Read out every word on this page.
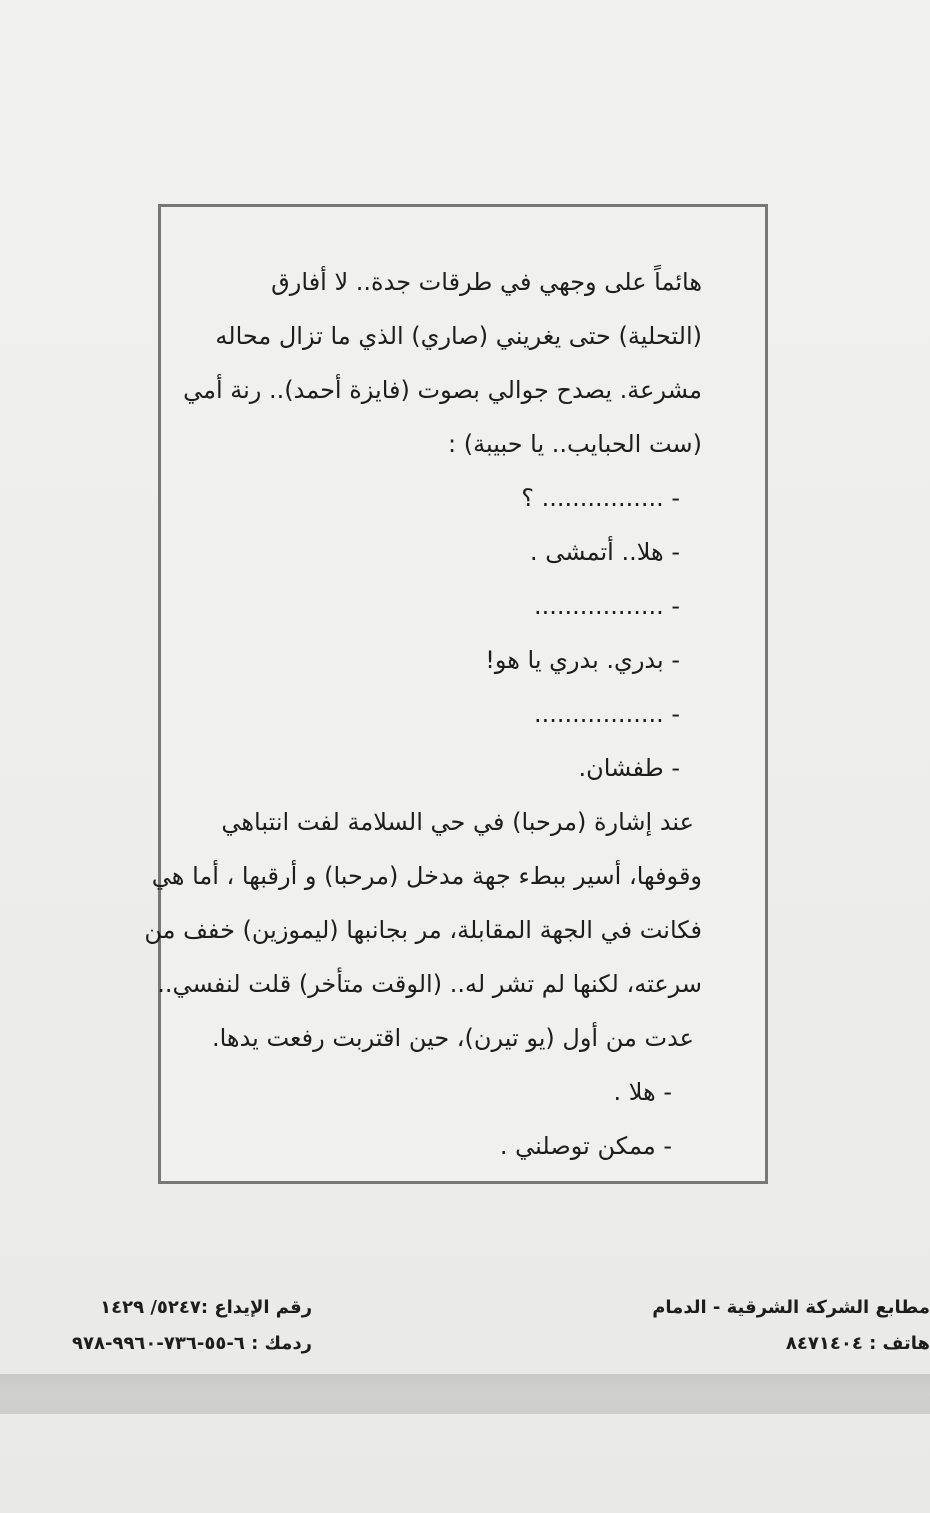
هائماً على وجهي في طرقات جدة.. لا أفارق
(التحلية) حتى يغريني (صاري) الذي ما تزال محاله
مشرعة. يصدح جوالي بصوت (فايزة أحمد).. رنة أمي
(ست الحبايب.. يا حبيبة) :
- ................ ؟
- هلا.. أتمشى .
- .................
- بدري. بدري يا هو!
- .................
- طفشان.
عند إشارة (مرحبا) في حي السلامة لفت انتباهي
وقوفها، أسير ببطء جهة مدخل (مرحبا) و أرقبها ، أما هي
فكانت في الجهة المقابلة، مر بجانبها (ليموزين) خفف من
سرعته، لكنها لم تشر له.. (الوقت متأخر) قلت لنفسي..
عدت من أول (يو تيرن)، حين اقتربت رفعت يدها.
- هلا .
- ممكن توصلني .
مطابع الشركة الشرقية - الدمام
هاتف : ٨٤٧١٤٠٤
رقم الإيداع :٥٢٤٧/ ١٤٢٩
ردمك : ٦-٥٥-٧٣٦-٩٩٦٠-٩٧٨
